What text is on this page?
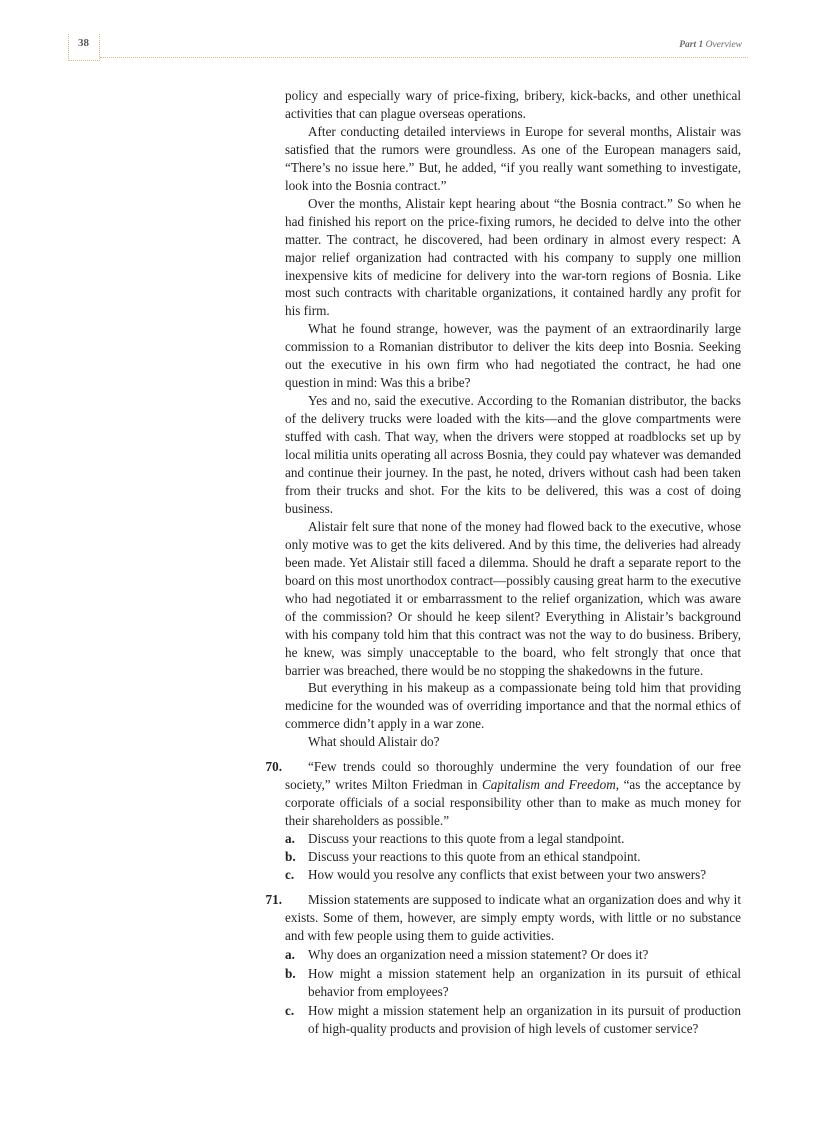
38	Part 1 Overview

policy and especially wary of price-fixing, bribery, kick-backs, and other unethical activities that can plague overseas operations.

After conducting detailed interviews in Europe for several months, Alistair was satisfied that the rumors were groundless. As one of the European managers said, “There’s no issue here.” But, he added, “if you really want something to investigate, look into the Bosnia contract.”

Over the months, Alistair kept hearing about “the Bosnia contract.” So when he had finished his report on the price-fixing rumors, he decided to delve into the other matter. The contract, he discovered, had been ordinary in almost every respect: A major relief organization had contracted with his company to supply one million inexpensive kits of medicine for delivery into the war-torn regions of Bosnia. Like most such contracts with charitable organizations, it contained hardly any profit for his firm.

What he found strange, however, was the payment of an extraordinarily large commission to a Romanian distributor to deliver the kits deep into Bosnia. Seeking out the executive in his own firm who had negotiated the contract, he had one question in mind: Was this a bribe?

Yes and no, said the executive. According to the Romanian distributor, the backs of the delivery trucks were loaded with the kits—and the glove compartments were stuffed with cash. That way, when the drivers were stopped at roadblocks set up by local militia units operating all across Bosnia, they could pay whatever was demanded and continue their journey. In the past, he noted, drivers without cash had been taken from their trucks and shot. For the kits to be delivered, this was a cost of doing business.

Alistair felt sure that none of the money had flowed back to the executive, whose only motive was to get the kits delivered. And by this time, the deliveries had already been made. Yet Alistair still faced a dilemma. Should he draft a separate report to the board on this most unorthodox contract—possibly causing great harm to the executive who had negotiated it or embarrassment to the relief organization, which was aware of the commission? Or should he keep silent? Everything in Alistair’s background with his company told him that this contract was not the way to do business. Bribery, he knew, was simply unacceptable to the board, who felt strongly that once that barrier was breached, there would be no stopping the shakedowns in the future.

But everything in his makeup as a compassionate being told him that providing medicine for the wounded was of overriding importance and that the normal ethics of commerce didn’t apply in a war zone.

What should Alistair do?

70.	“Few trends could so thoroughly undermine the very foundation of our free society,” writes Milton Friedman in Capitalism and Freedom, “as the acceptance by corporate officials of a social responsibility other than to make as much money for their shareholders as possible.”

a. Discuss your reactions to this quote from a legal standpoint.
b. Discuss your reactions to this quote from an ethical standpoint.
c. How would you resolve any conflicts that exist between your two answers?
71.	Mission statements are supposed to indicate what an organization does and why it exists. Some of them, however, are simply empty words, with little or no substance and with few people using them to guide activities.

a. Why does an organization need a mission statement? Or does it?
b. How might a mission statement help an organization in its pursuit of ethical behavior from employees?
c. How might a mission statement help an organization in its pursuit of production of high-quality products and provision of high levels of customer service?
